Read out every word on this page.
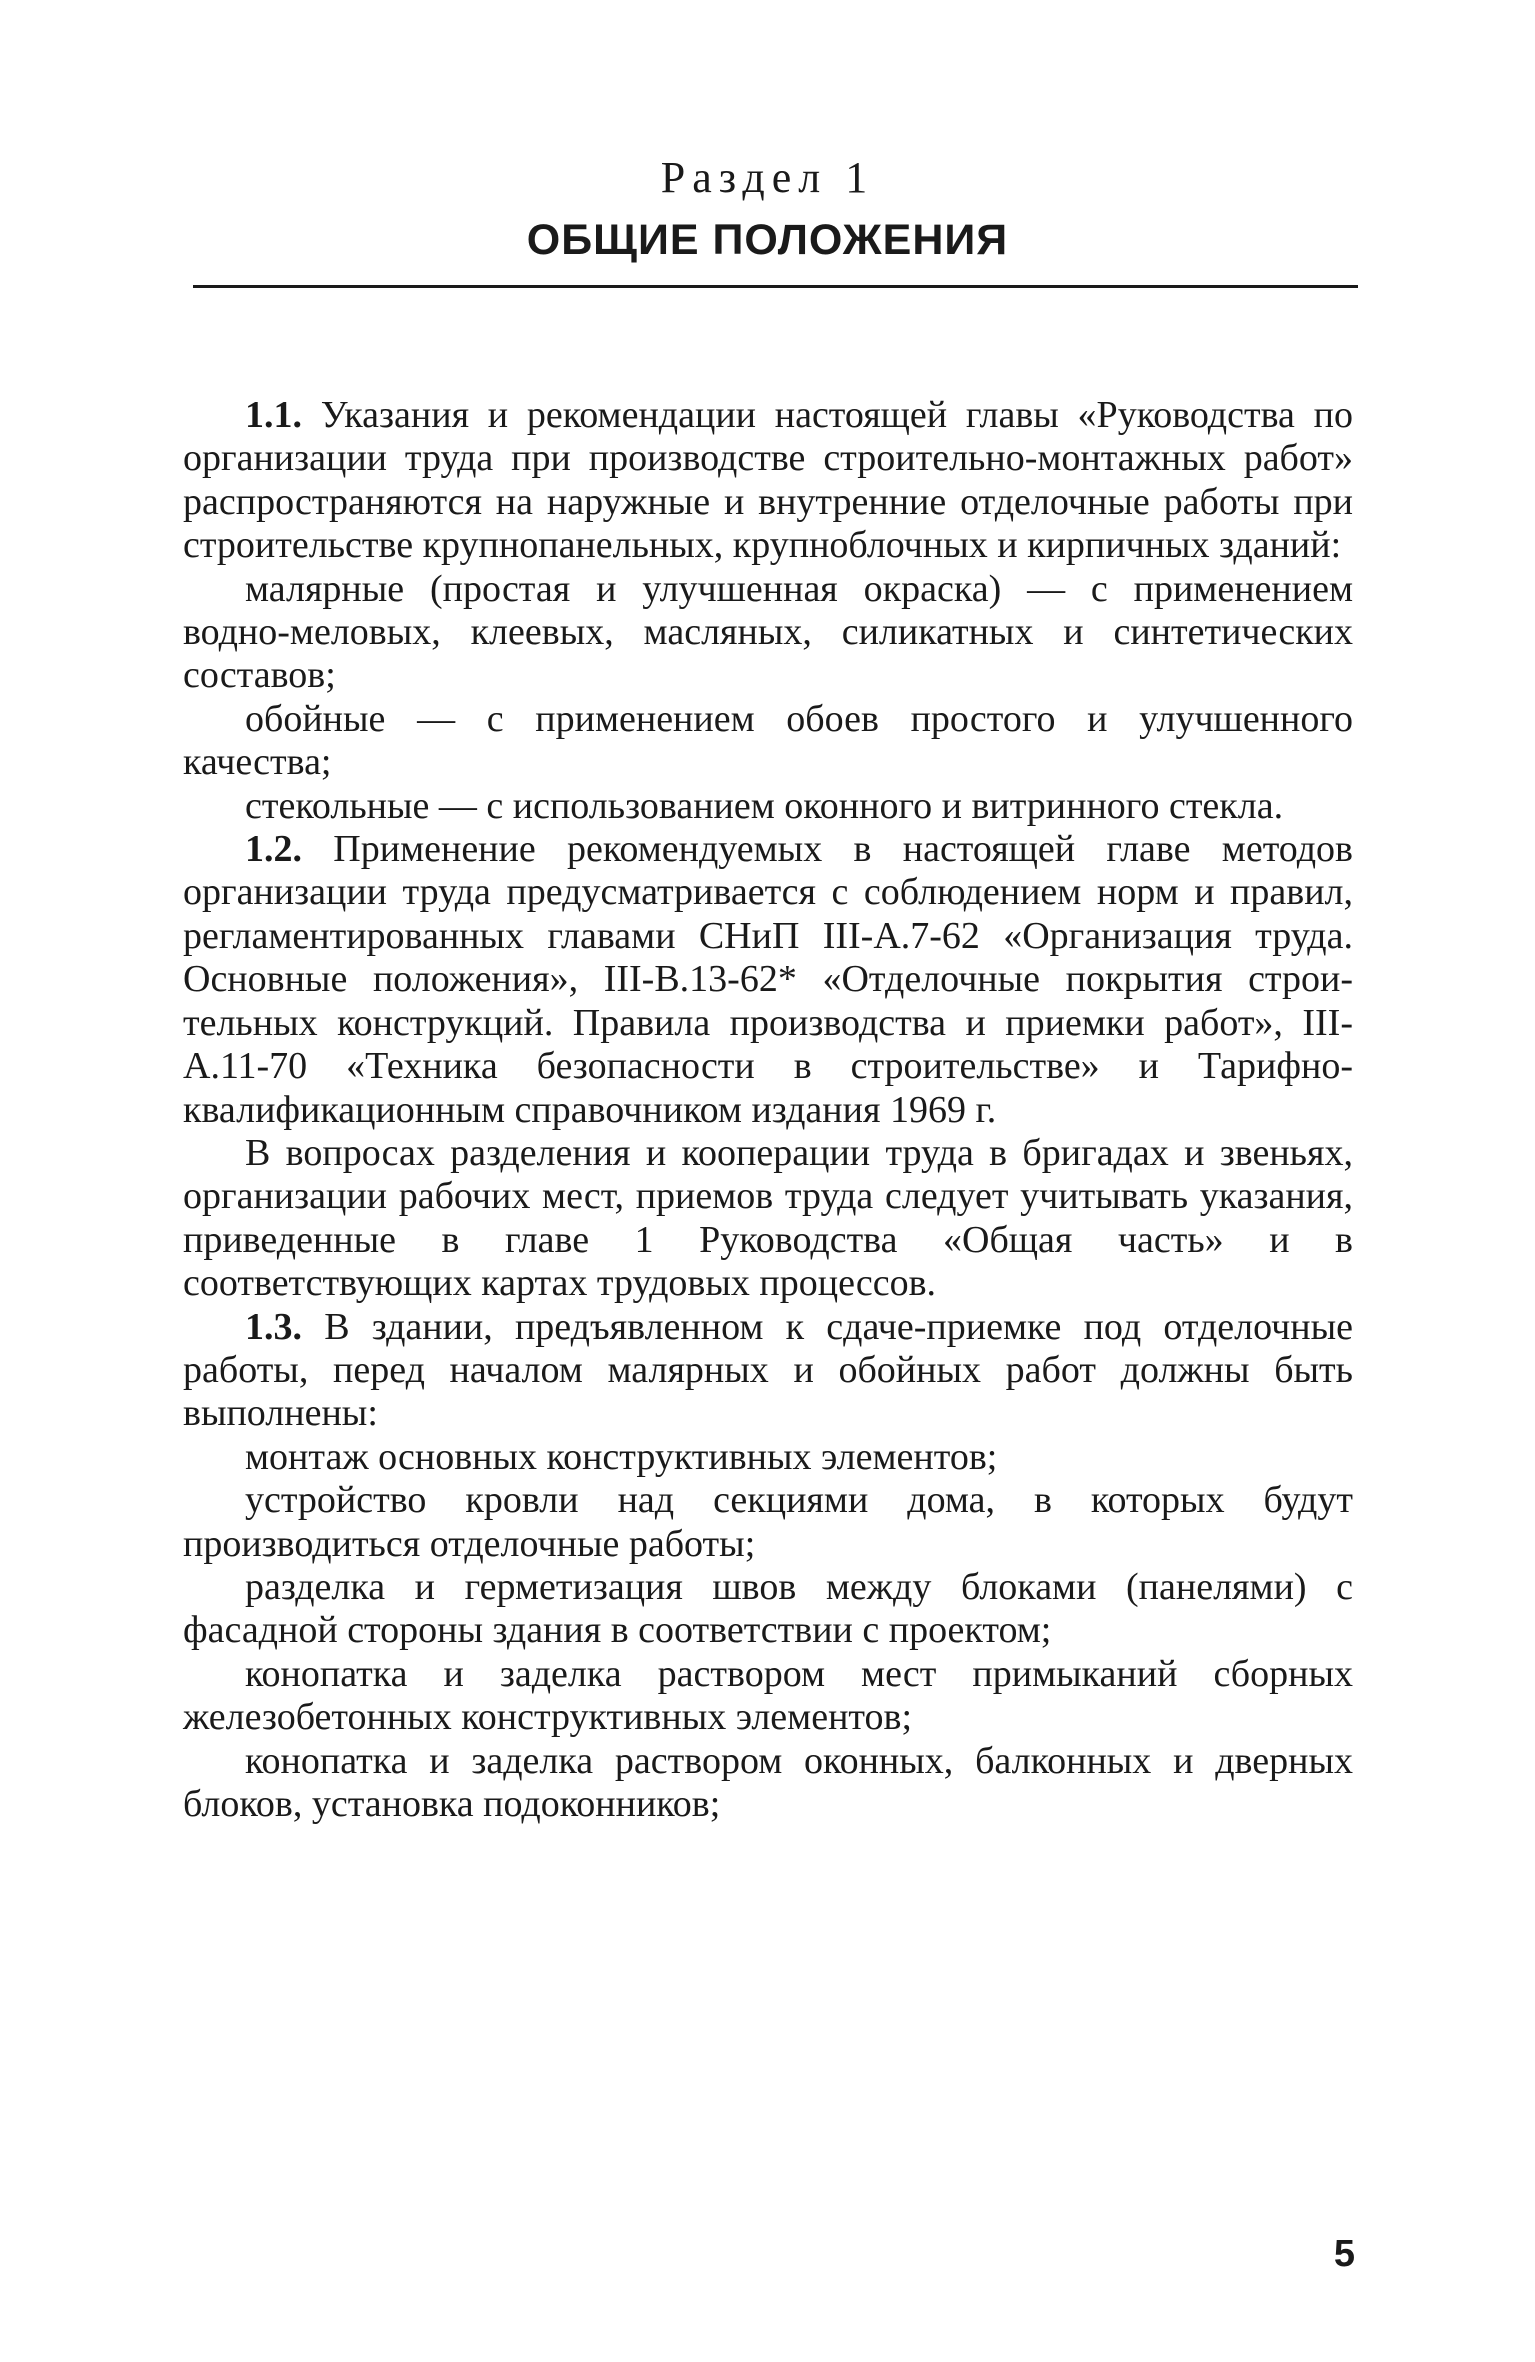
Раздел 1
ОБЩИЕ ПОЛОЖЕНИЯ

1.1. Указания и рекомендации настоящей главы «Руководства по организации труда при производстве строительно-монтажных работ» распространяются на наружные и внутренние отделочные работы при строительстве крупнопанельных, крупноблочных и кирпичных зданий:

малярные (простая и улучшенная окраска) — с применением водно-меловых, клеевых, масляных, силикатных и синтетических составов;

обойные — с применением обоев простого и улучшенного качества;

стекольные — с использованием оконного и витринного стекла.

1.2. Применение рекомендуемых в настоящей главе методов организации труда предусматривается с соблюдением норм и правил, регламентированных главами СНиП III-А.7-62 «Организация труда. Основные положения», III-В.13-62* «Отделочные покрытия строительных конструкций. Правила производства и приемки работ», III-А.11-70 «Техника безопасности в строительстве» и Тарифно-квалификационным справочником издания 1969 г.

В вопросах разделения и кооперации труда в бригадах и звеньях, организации рабочих мест, приемов труда следует учитывать указания, приведенные в главе 1 Руководства «Общая часть» и в соответствующих картах трудовых процессов.

1.3. В здании, предъявленном к сдаче-приемке под отделочные работы, перед началом малярных и обойных работ должны быть выполнены:

монтаж основных конструктивных элементов;

устройство кровли над секциями дома, в которых будут производиться отделочные работы;

разделка и герметизация швов между блоками (панелями) с фасадной стороны здания в соответствии с проектом;

конопатка и заделка раствором мест примыканий сборных железобетонных конструктивных элементов;

конопатка и заделка раствором оконных, балконных и дверных блоков, установка подоконников;

5
